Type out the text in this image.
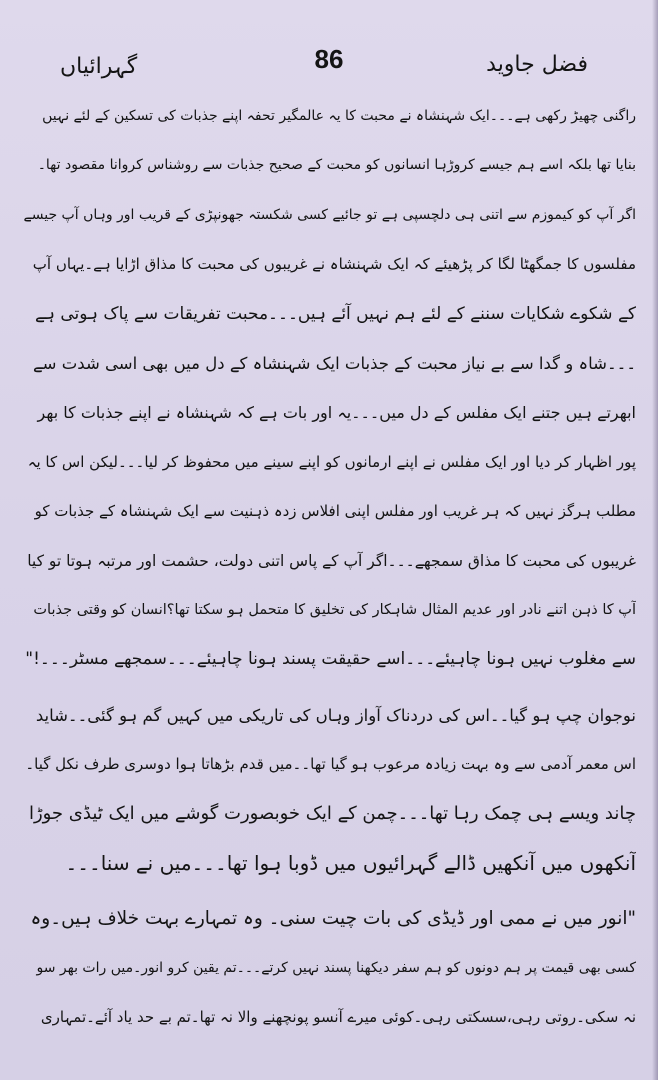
گہرائیاں	86	فضل جاوید
راگنی چھیڑ رکھی ہے۔۔۔ایک شہنشاہ نے محبت کا یہ عالمگیر تحفہ اپنے جذبات کی تسکین کے لئے نہیں
بنایا تھا بلکہ اسے ہم جیسے کروڑہا انسانوں کو محبت کے صحیح جذبات سے روشناس کروانا مقصود تھا۔
اگر آپ کو کیموزم سے اتنی ہی دلچسپی ہے تو جائیے کسی شکستہ جھونپڑی کے قریب اور وہاں آپ جیسے
مفلسوں کا جمگھٹا لگا کر پڑھیئے کہ ایک شہنشاہ نے غریبوں کی محبت کا مذاق اڑایا ہے۔یہاں آپ
کے شکوے شکایات سننے کے لئے ہم نہیں آئے ہیں۔۔۔محبت تفریقات سے پاک ہوتی ہے
۔۔۔شاہ و گدا سے بے نیاز محبت کے جذبات ایک شہنشاہ کے دل میں بھی اسی شدت سے
ابھرتے ہیں جتنے ایک مفلس کے دل میں۔۔۔یہ اور بات ہے کہ شہنشاہ نے اپنے جذبات کا بھر
پور اظہار کر دیا اور ایک مفلس نے اپنے ارمانوں کو اپنے سینے میں محفوظ کر لیا۔۔۔لیکن اس کا یہ
مطلب ہرگز نہیں کہ ہر غریب اور مفلس اپنی افلاس زدہ ذہنیت سے ایک شہنشاہ کے جذبات کو
غریبوں کی محبت کا مذاق سمجھے۔۔۔اگر آپ کے پاس اتنی دولت، حشمت اور مرتبہ ہوتا تو کیا
آپ کا ذہن اتنے نادر اور عدیم المثال شاہکار کی تخلیق کا متحمل ہو سکتا تھا؟انسان کو وقتی جذبات
سے مغلوب نہیں ہونا چاہیئے۔۔۔اسے حقیقت پسند ہونا چاہیئے۔۔۔سمجھے مسٹر۔۔۔!"
نوجوان چپ ہو گیا۔۔اس کی دردناک آواز وہاں کی تاریکی میں کہیں گم ہو گئی۔۔شاید
اس معمر آدمی سے وہ بہت زیادہ مرعوب ہو گیا تھا۔۔میں قدم بڑھاتا ہوا دوسری طرف نکل گیا۔
چاند ویسے ہی چمک رہا تھا۔۔۔چمن کے ایک خوبصورت گوشے میں ایک ٹیڈی جوڑا
آنکھوں میں آنکھیں ڈالے گہرائیوں میں ڈوبا ہوا تھا۔۔۔میں نے سنا۔۔۔
"انور میں نے ممی اور ڈیڈی کی بات چیت سنی۔ وہ تمہارے بہت خلاف ہیں۔وہ
کسی بھی قیمت پر ہم دونوں کو ہم سفر دیکھنا پسند نہیں کرتے۔۔۔تم یقین کرو انور۔میں رات بھر سو
نہ سکی۔روتی رہی،سسکتی رہی۔کوئی میرے آنسو پونچھنے والا نہ تھا۔تم بے حد یاد آئے۔تمہاری
